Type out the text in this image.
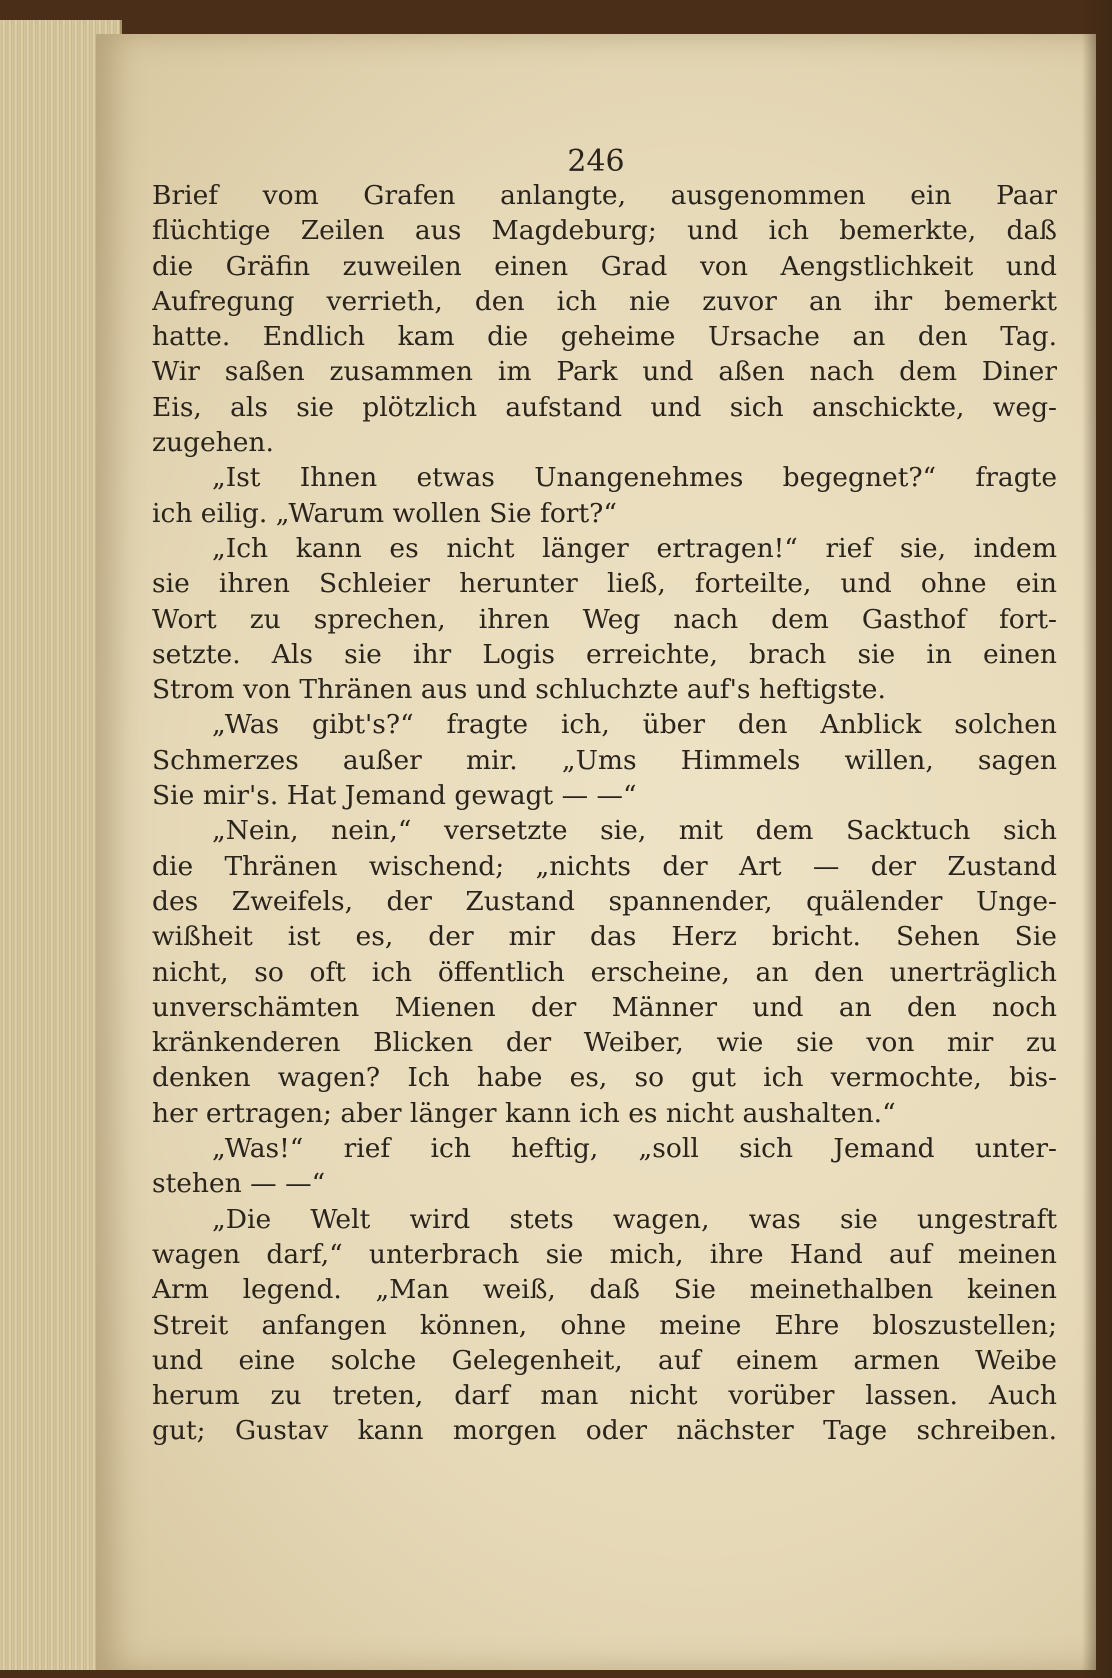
246
Brief vom Grafen anlangte, ausgenommen ein Paar
flüchtige Zeilen aus Magdeburg; und ich bemerkte, daß
die Gräfin zuweilen einen Grad von Aengstlichkeit und
Aufregung verrieth, den ich nie zuvor an ihr bemerkt
hatte. Endlich kam die geheime Ursache an den Tag.
Wir saßen zusammen im Park und aßen nach dem Diner
Eis, als sie plötzlich aufstand und sich anschickte, weg-
zugehen.
„Ist Ihnen etwas Unangenehmes begegnet?“ fragte
ich eilig. „Warum wollen Sie fort?“
„Ich kann es nicht länger ertragen!“ rief sie, indem
sie ihren Schleier herunter ließ, forteilte, und ohne ein
Wort zu sprechen, ihren Weg nach dem Gasthof fort-
setzte. Als sie ihr Logis erreichte, brach sie in einen
Strom von Thränen aus und schluchzte auf's heftigste.
„Was gibt's?“ fragte ich, über den Anblick solchen
Schmerzes außer mir. „Ums Himmels willen, sagen
Sie mir's. Hat Jemand gewagt — —“
„Nein, nein,“ versetzte sie, mit dem Sacktuch sich
die Thränen wischend; „nichts der Art — der Zustand
des Zweifels, der Zustand spannender, quälender Unge-
wißheit ist es, der mir das Herz bricht. Sehen Sie
nicht, so oft ich öffentlich erscheine, an den unerträglich
unverschämten Mienen der Männer und an den noch
kränkenderen Blicken der Weiber, wie sie von mir zu
denken wagen? Ich habe es, so gut ich vermochte, bis-
her ertragen; aber länger kann ich es nicht aushalten.“
„Was!“ rief ich heftig, „soll sich Jemand unter-
stehen — —“
„Die Welt wird stets wagen, was sie ungestraft
wagen darf,“ unterbrach sie mich, ihre Hand auf meinen
Arm legend. „Man weiß, daß Sie meinethalben keinen
Streit anfangen können, ohne meine Ehre bloszustellen;
und eine solche Gelegenheit, auf einem armen Weibe
herum zu treten, darf man nicht vorüber lassen. Auch
gut; Gustav kann morgen oder nächster Tage schreiben.
